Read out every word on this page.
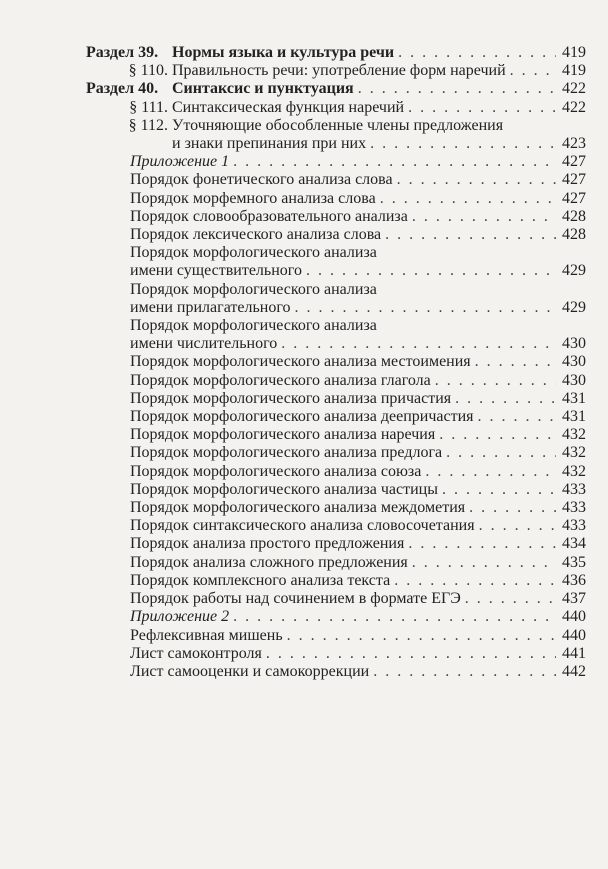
Раздел 39. Нормы языка и культура речи . . .	419
§ 110. Правильность речи: употребление форм наречий . . .	419
Раздел 40. Синтаксис и пунктуация . . .	422
§ 111. Синтаксическая функция наречий . . .	422
§ 112. Уточняющие обособленные члены предложения
и знаки препинания при них . . .	423
Приложение 1 . . .	427
Порядок фонетического анализа слова . . .	427
Порядок морфемного анализа слова . . .	427
Порядок словообразовательного анализа . . .	428
Порядок лексического анализа слова . . .	428
Порядок морфологического анализа
имени существительного . . .	429
Порядок морфологического анализа
имени прилагательного . . .	429
Порядок морфологического анализа
имени числительного . . .	430
Порядок морфологического анализа местоимения . . .	430
Порядок морфологического анализа глагола . . .	430
Порядок морфологического анализа причастия . . .	431
Порядок морфологического анализа деепричастия . . .	431
Порядок морфологического анализа наречия . . .	432
Порядок морфологического анализа предлога . . .	432
Порядок морфологического анализа союза . . .	432
Порядок морфологического анализа частицы . . .	433
Порядок морфологического анализа междометия . . .	433
Порядок синтаксического анализа словосочетания . . .	433
Порядок анализа простого предложения . . .	434
Порядок анализа сложного предложения . . .	435
Порядок комплексного анализа текста . . .	436
Порядок работы над сочинением в формате ЕГЭ . . .	437
Приложение 2 . . .	440
Рефлексивная мишень . . .	440
Лист самоконтроля . . .	441
Лист самооценки и самокоррекции . . .	442
